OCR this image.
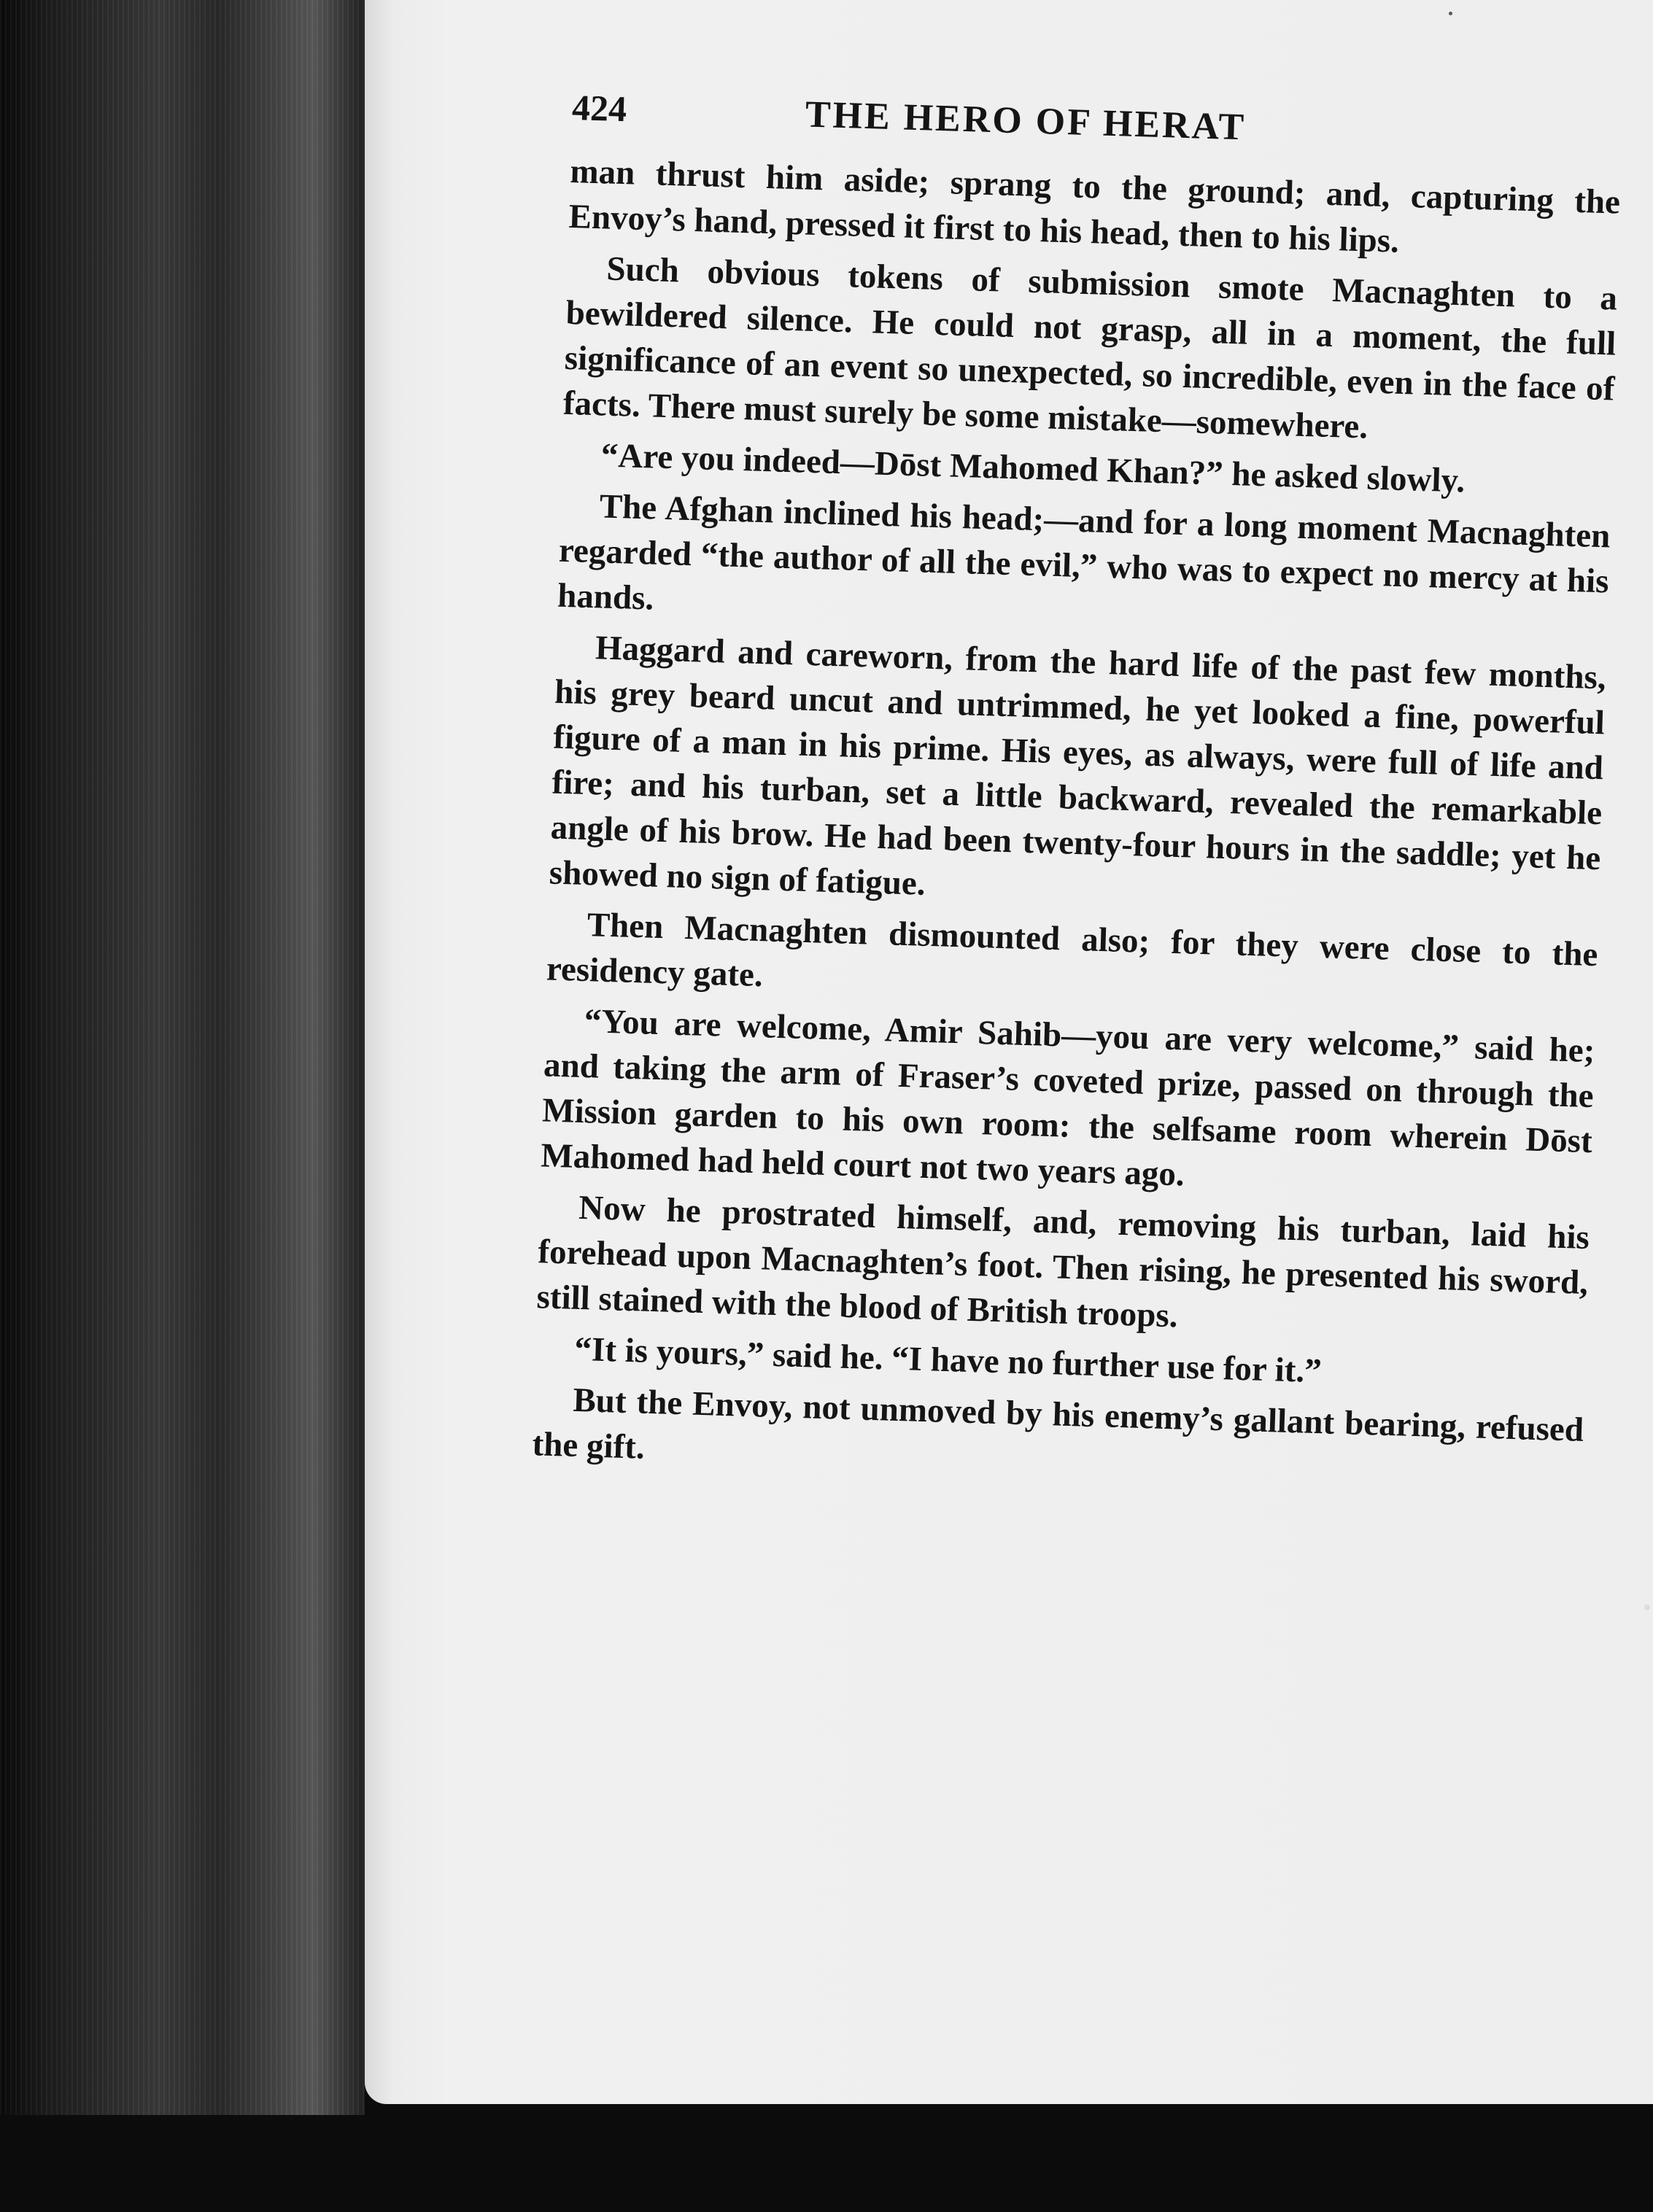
424	THE HERO OF HERAT

man thrust him aside; sprang to the ground; and, capturing the Envoy’s hand, pressed it first to his head, then to his lips.

Such obvious tokens of submission smote Macnaghten to a bewildered silence. He could not grasp, all in a moment, the full significance of an event so unexpected, so incredible, even in the face of facts. There must surely be some mistake—somewhere.

“Are you indeed—Dōst Mahomed Khan?” he asked slowly.

The Afghan inclined his head;—and for a long moment Macnaghten regarded “the author of all the evil,” who was to expect no mercy at his hands.

Haggard and careworn, from the hard life of the past few months, his grey beard uncut and untrimmed, he yet looked a fine, powerful figure of a man in his prime. His eyes, as always, were full of life and fire; and his turban, set a little backward, revealed the remarkable angle of his brow. He had been twenty-four hours in the saddle; yet he showed no sign of fatigue.

Then Macnaghten dismounted also; for they were close to the residency gate.

“You are welcome, Amir Sahib—you are very welcome,” said he; and taking the arm of Fraser’s coveted prize, passed on through the Mission garden to his own room: the selfsame room wherein Dōst Mahomed had held court not two years ago.

Now he prostrated himself, and, removing his turban, laid his forehead upon Macnaghten’s foot. Then rising, he presented his sword, still stained with the blood of British troops.

“It is yours,” said he. “I have no further use for it.”

But the Envoy, not unmoved by his enemy’s gallant bearing, refused the gift.
